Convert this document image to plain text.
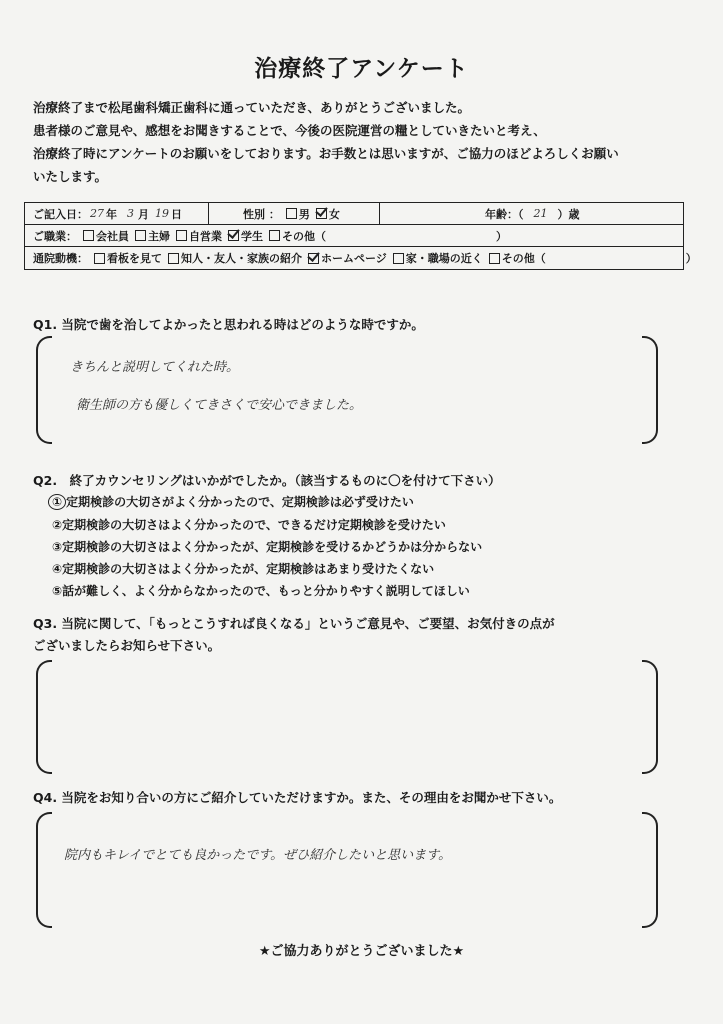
治療終了アンケート
治療終了まで松尾歯科矯正歯科に通っていただき、ありがとうございました。
患者様のご意見や、感想をお聞きすることで、今後の医院運営の糧としていきたいと考え、
治療終了時にアンケートのお願いをしております。お手数とは思いますが、ご協力のほどよろしくお願い
いたします。
ご記入日： 27 年 3 月 19 日	性別 ： 男 女	年齢：（ 21 ）歳
ご職業： 会社員 主婦 自営業 学生 その他（	）
通院動機： 看板を見て 知人・友人・家族の紹介 ホームページ 家・職場の近く その他（	）
Q1. 当院で歯を治してよかったと思われる時はどのような時ですか。
きちんと説明してくれた時。
衛生師の方も優しくてきさくで安心できました。
Q2.　終了カウンセリングはいかがでしたか。（該当するものに〇を付けて下さい）
① 定期検診の大切さがよく分かったので、定期検診は必ず受けたい
②定期検診の大切さはよく分かったので、できるだけ定期検診を受けたい
③定期検診の大切さはよく分かったが、定期検診を受けるかどうかは分からない
④定期検診の大切さはよく分かったが、定期検診はあまり受けたくない
⑤話が難しく、よく分からなかったので、もっと分かりやすく説明してほしい
Q3. 当院に関して、「もっとこうすれば良くなる」というご意見や、ご要望、お気付きの点が
ございましたらお知らせ下さい。
Q4. 当院をお知り合いの方にご紹介していただけますか。また、その理由をお聞かせ下さい。
院内もキレイでとても良かったです。ぜひ紹介したいと思います。
★ご協力ありがとうございました★
